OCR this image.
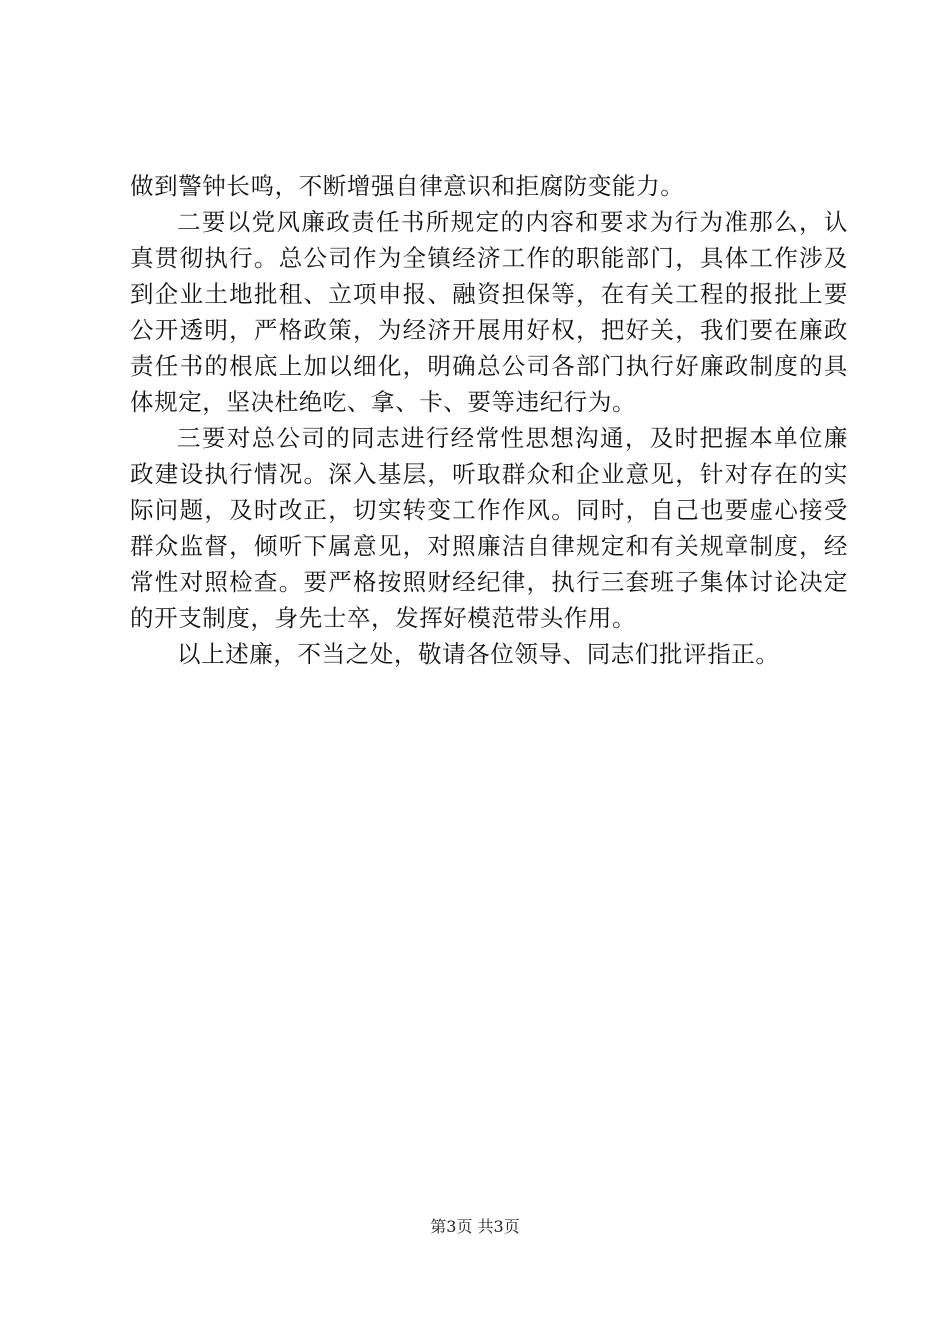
做到警钟长鸣，不断增强自律意识和拒腐防变能力。

二要以党风廉政责任书所规定的内容和要求为行为准那么，认真贯彻执行。总公司作为全镇经济工作的职能部门，具体工作涉及到企业土地批租、立项申报、融资担保等，在有关工程的报批上要公开透明，严格政策，为经济开展用好权，把好关，我们要在廉政责任书的根底上加以细化，明确总公司各部门执行好廉政制度的具体规定，坚决杜绝吃、拿、卡、要等违纪行为。

三要对总公司的同志进行经常性思想沟通，及时把握本单位廉政建设执行情况。深入基层，听取群众和企业意见，针对存在的实际问题，及时改正，切实转变工作作风。同时，自己也要虚心接受群众监督，倾听下属意见，对照廉洁自律规定和有关规章制度，经常性对照检查。要严格按照财经纪律，执行三套班子集体讨论决定的开支制度，身先士卒，发挥好模范带头作用。

以上述廉，不当之处，敬请各位领导、同志们批评指正。

第3页 共3页
